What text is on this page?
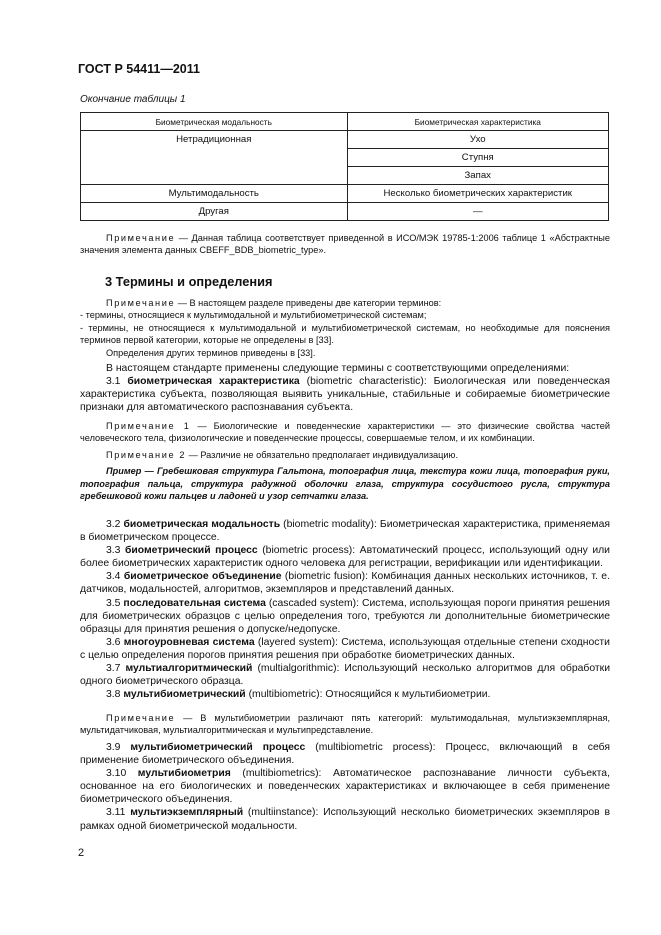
ГОСТ Р 54411—2011
Окончание таблицы 1
Биометрическая модальность	Биометрическая характеристика
Нетрадиционная	Ухо
	Ступня
	Запах
Мультимодальность	Несколько биометрических характеристик
Другая	—

Примечание — Данная таблица соответствует приведенной в ИСО/МЭК 19785-1:2006 таблице 1 «Абстрактные значения элемента данных CBEFF_BDB_biometric_type».

3 Термины и определения

Примечание — В настоящем разделе приведены две категории терминов:

- термины, относящиеся к мультимодальной и мультибиометрической системам;

- термины, не относящиеся к мультимодальной и мультибиометрической системам, но необходимые для пояснения терминов первой категории, которые не определены в [33].

Определения других терминов приведены в [33].

В настоящем стандарте применены следующие термины с соответствующими определениями:

3.1 биометрическая характеристика (biometric characteristic): Биологическая или поведенческая характеристика субъекта, позволяющая выявить уникальные, стабильные и собираемые биометрические признаки для автоматического распознавания субъекта.

Примечание 1 — Биологические и поведенческие характеристики — это физические свойства частей человеческого тела, физиологические и поведенческие процессы, совершаемые телом, и их комбинации.

Примечание 2 — Различие не обязательно предполагает индивидуализацию.

Пример — Гребешковая структура Гальтона, топография лица, текстура кожи лица, топография руки, топография пальца, структура радужной оболочки глаза, структура сосудистого русла, структура гребешковой кожи пальцев и ладоней и узор сетчатки глаза.

3.2 биометрическая модальность (biometric modality): Биометрическая характеристика, применяемая в биометрическом процессе.

3.3 биометрический процесс (biometric process): Автоматический процесс, использующий одну или более биометрических характеристик одного человека для регистрации, верификации или идентификации.

3.4 биометрическое объединение (biometric fusion): Комбинация данных нескольких источников, т. е. датчиков, модальностей, алгоритмов, экземпляров и представлений данных.

3.5 последовательная система (cascaded system): Система, использующая пороги принятия решения для биометрических образцов с целью определения того, требуются ли дополнительные биометрические образцы для принятия решения о допуске/недопуске.

3.6 многоуровневая система (layered system): Система, использующая отдельные степени сходности с целью определения порогов принятия решения при обработке биометрических данных.

3.7 мультиалгоритмический (multialgorithmic): Использующий несколько алгоритмов для обработки одного биометрического образца.

3.8 мультибиометрический (multibiometric): Относящийся к мультибиометрии.

Примечание — В мультибиометрии различают пять категорий: мультимодальная, мультиэкземплярная, мультидатчиковая, мультиалгоритмическая и мультипредставление.

3.9 мультибиометрический процесс (multibiometric process): Процесс, включающий в себя применение биометрического объединения.

3.10 мультибиометрия (multibiometrics): Автоматическое распознавание личности субъекта, основанное на его биологических и поведенческих характеристиках и включающее в себя применение биометрического объединения.

3.11 мультиэкземплярный (multiinstance): Использующий несколько биометрических экземпляров в рамках одной биометрической модальности.

2
